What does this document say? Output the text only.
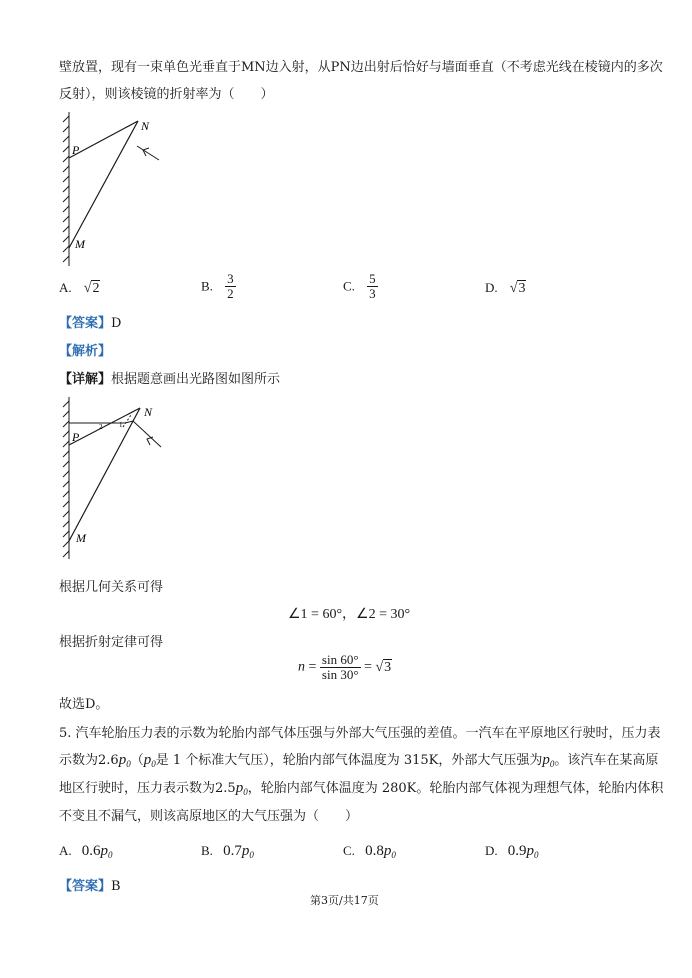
壁放置，现有一束单色光垂直于MN边入射，从PN边出射后恰好与墙面垂直（不考虑光线在棱镜内的多次
反射），则该棱镜的折射率为（　　）
N
P
M
A. √2	B. $\frac{3}{2}$	C. $\frac{5}{3}$	D. √3
【答案】D
【解析】
【详解】根据题意画出光路图如图所示
2 1
N
P
M
根据几何关系可得
∠1 = 60°，∠2 = 30°
根据折射定律可得
$n = \frac{\sin 60^\circ}{\sin 30^\circ} = √3$
故选D。
5. 汽车轮胎压力表的示数为轮胎内部气体压强与外部大气压强的差值。一汽车在平原地区行驶时，压力表
示数为$2.6p_0(p_0$是 1 个标准大气压），轮胎内部气体温度为 315K，外部大气压强为$p_0$。该汽车在某高原
地区行驶时，压力表示数为$2.5p_0$，轮胎内部气体温度为 280K。轮胎内部气体视为理想气体，轮胎内体积
不变且不漏气，则该高原地区的大气压强为（　　）
A. $0.6p_0$	B. $0.7p_0$	C. $0.8p_0$	D. $0.9p_0$
【答案】B
第3页/共17页
